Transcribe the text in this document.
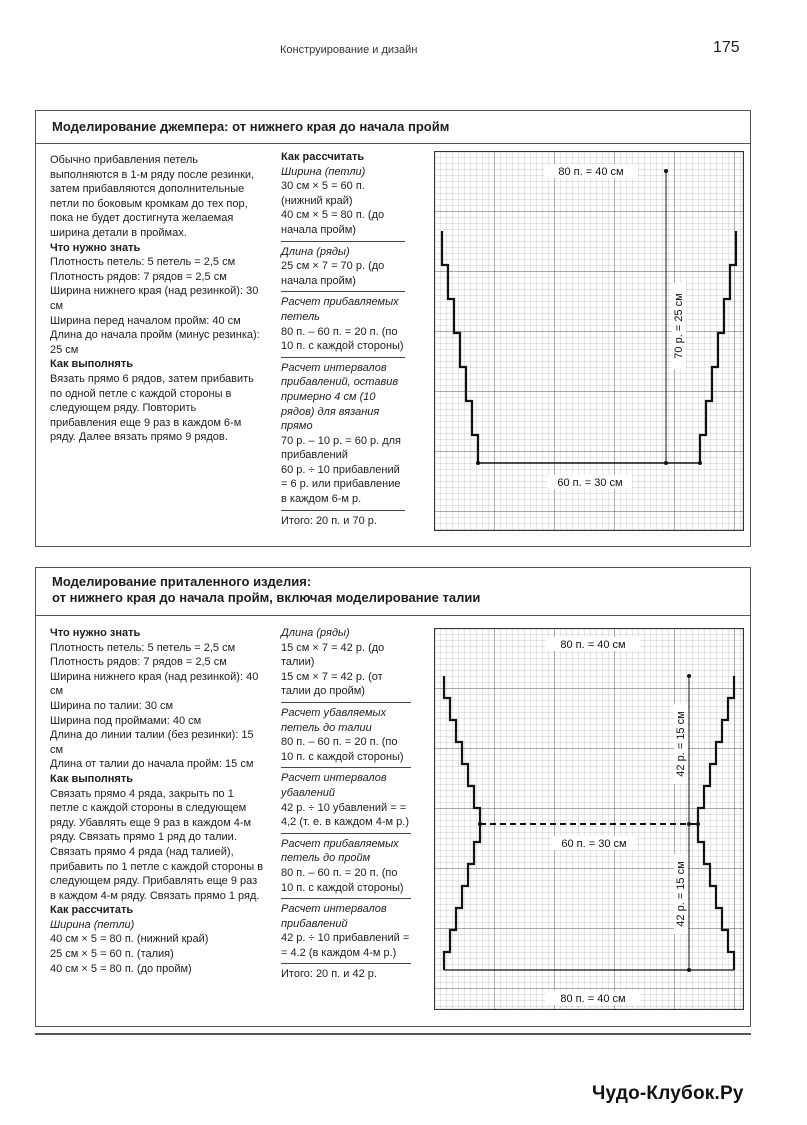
Конструирование и дизайн	175
Моделирование джемпера: от нижнего края до начала пройм

Обычно прибавления петель выполняются в 1-м ряду после резинки, затем прибавляются дополнительные петли по боковым кромкам до тех пор, пока не будет достигнута желаемая ширина детали в проймах.

Что нужно знать

Плотность петель: 5 петель = 2,5 см

Плотность рядов: 7 рядов = 2,5 см

Ширина нижнего края (над резинкой): 30 см

Ширина перед началом пройм: 40 см

Длина до начала пройм (минус резинка): 25 см

Как выполнять

Вязать прямо 6 рядов, затем прибавить по одной петле с каждой стороны в следующем ряду. Повторить прибавления еще 9 раз в каждом 6-м ряду. Далее вязать прямо 9 рядов.

Как рассчитать

Ширина (петли)

30 см × 5 = 60 п. (нижний край)

40 см × 5 = 80 п. (до начала пройм)

Длина (ряды)

25 см × 7 = 70 р. (до начала пройм)

Расчет прибавляемых петель

80 п. – 60 п. = 20 п. (по 10 п. с каждой стороны)

Расчет интервалов прибавлений, оставив примерно 4 см (10 рядов) для вязания прямо

70 р. – 10 р. = 60 р. для прибавлений

60 р. ÷ 10 прибавлений = 6 р. или прибавление в каждом 6-м р.

Итого: 20 п. и 70 р.

80 п. = 40 см
60 п. = 30 см
70 р. = 25 см
Моделирование приталенного изделия:
от нижнего края до начала пройм, включая моделирование талии

Что нужно знать

Плотность петель: 5 петель = 2,5 см

Плотность рядов: 7 рядов = 2,5 см

Ширина нижнего края (над резинкой): 40 см

Ширина по талии: 30 см

Ширина под проймами: 40 см

Длина до линии талии (без резинки): 15 см

Длина от талии до начала пройм: 15 см

Как выполнять

Связать прямо 4 ряда, закрыть по 1 петле с каждой стороны в следующем ряду. Убавлять еще 9 раз в каждом 4-м ряду. Связать прямо 1 ряд до талии. Связать прямо 4 ряда (над талией), прибавить по 1 петле с каждой стороны в следующем ряду. Прибавлять еще 9 раз в каждом 4-м ряду. Связать прямо 1 ряд.

Как рассчитать

Ширина (петли)

40 см × 5 = 80 п. (нижний край)

25 см × 5 = 60 п. (талия)

40 см × 5 = 80 п. (до пройм)

Длина (ряды)

15 см × 7 = 42 р. (до талии)

15 см × 7 = 42 р. (от талии до пройм)

Расчет убавляемых петель до талии

80 п. – 60 п. = 20 п. (по 10 п. с каждой стороны)

Расчет интервалов убавлений

42 р. ÷ 10 убавлений = = 4,2 (т. е. в каждом 4-м р.)

Расчет прибавляемых петель до пройм

80 п. – 60 п. = 20 п. (по 10 п. с каждой стороны)

Расчет интервалов прибавлений

42 р. ÷ 10 прибавлений = = 4.2 (в каждом 4-м р.)

Итого: 20 п. и 42 р.

80 п. = 40 см
60 п. = 30 см
80 п. = 40 см
42 р. = 15 см
42 р. = 15 см
Чудо-Клубок.Ру
